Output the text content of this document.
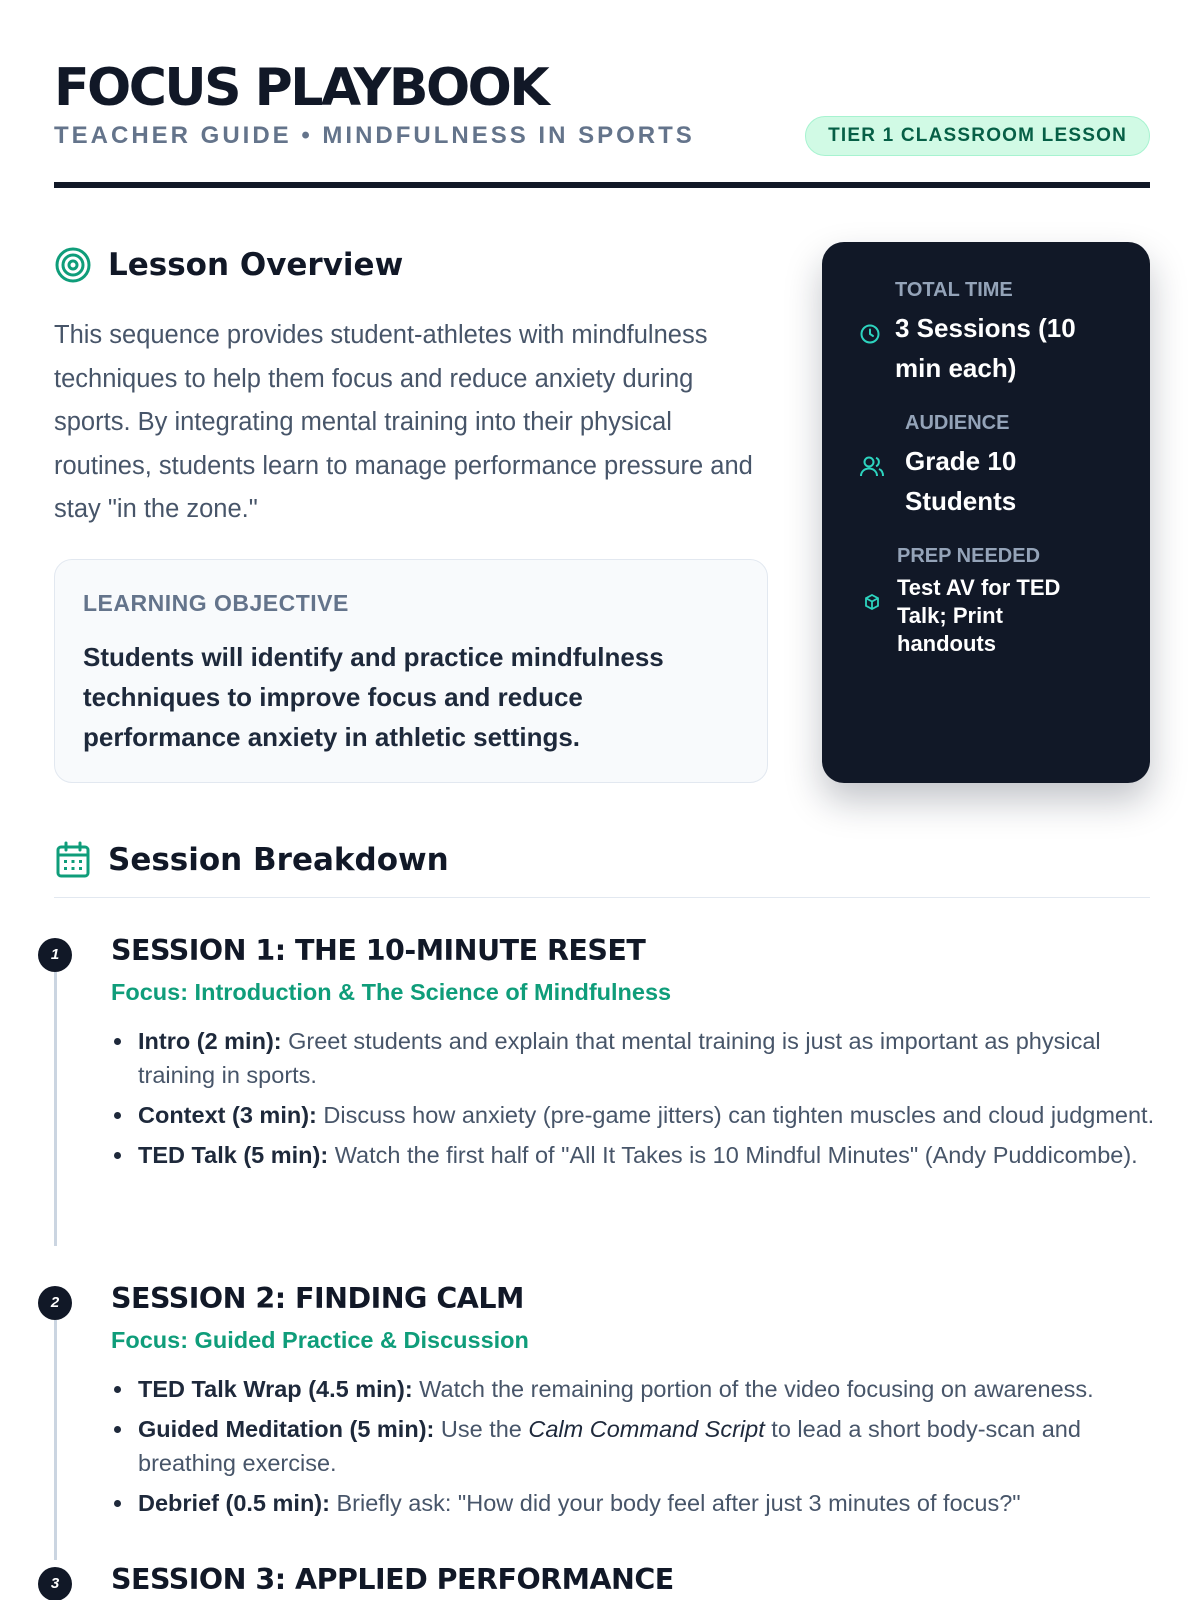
FOCUS PLAYBOOK
TEACHER GUIDE • MINDFULNESS IN SPORTS	TIER 1 CLASSROOM LESSON
Lesson Overview

This sequence provides student-athletes with mindfulness techniques to help them focus and reduce anxiety during sports. By integrating mental training into their physical routines, students learn to manage performance pressure and stay "in the zone."

LEARNING OBJECTIVE
Students will identify and practice mindfulness techniques to improve focus and reduce performance anxiety in athletic settings.
TOTAL TIME
3 Sessions (10 min each)
AUDIENCE
Grade 10 Students
PREP NEEDED
Test AV for TED Talk; Print handouts
Session Breakdown
1	SESSION 1: THE 10-MINUTE RESET
Focus: Introduction & The Science of Mindfulness
Intro (2 min): Greet students and explain that mental training is just as important as physical training in sports.
Context (3 min): Discuss how anxiety (pre-game jitters) can tighten muscles and cloud judgment.
TED Talk (5 min): Watch the first half of "All It Takes is 10 Mindful Minutes" (Andy Puddicombe).
2	SESSION 2: FINDING CALM
Focus: Guided Practice & Discussion
TED Talk Wrap (4.5 min): Watch the remaining portion of the video focusing on awareness.
Guided Meditation (5 min): Use the Calm Command Script to lead a short body-scan and breathing exercise.
Debrief (0.5 min): Briefly ask: "How did your body feel after just 3 minutes of focus?"
3	SESSION 3: APPLIED PERFORMANCE
